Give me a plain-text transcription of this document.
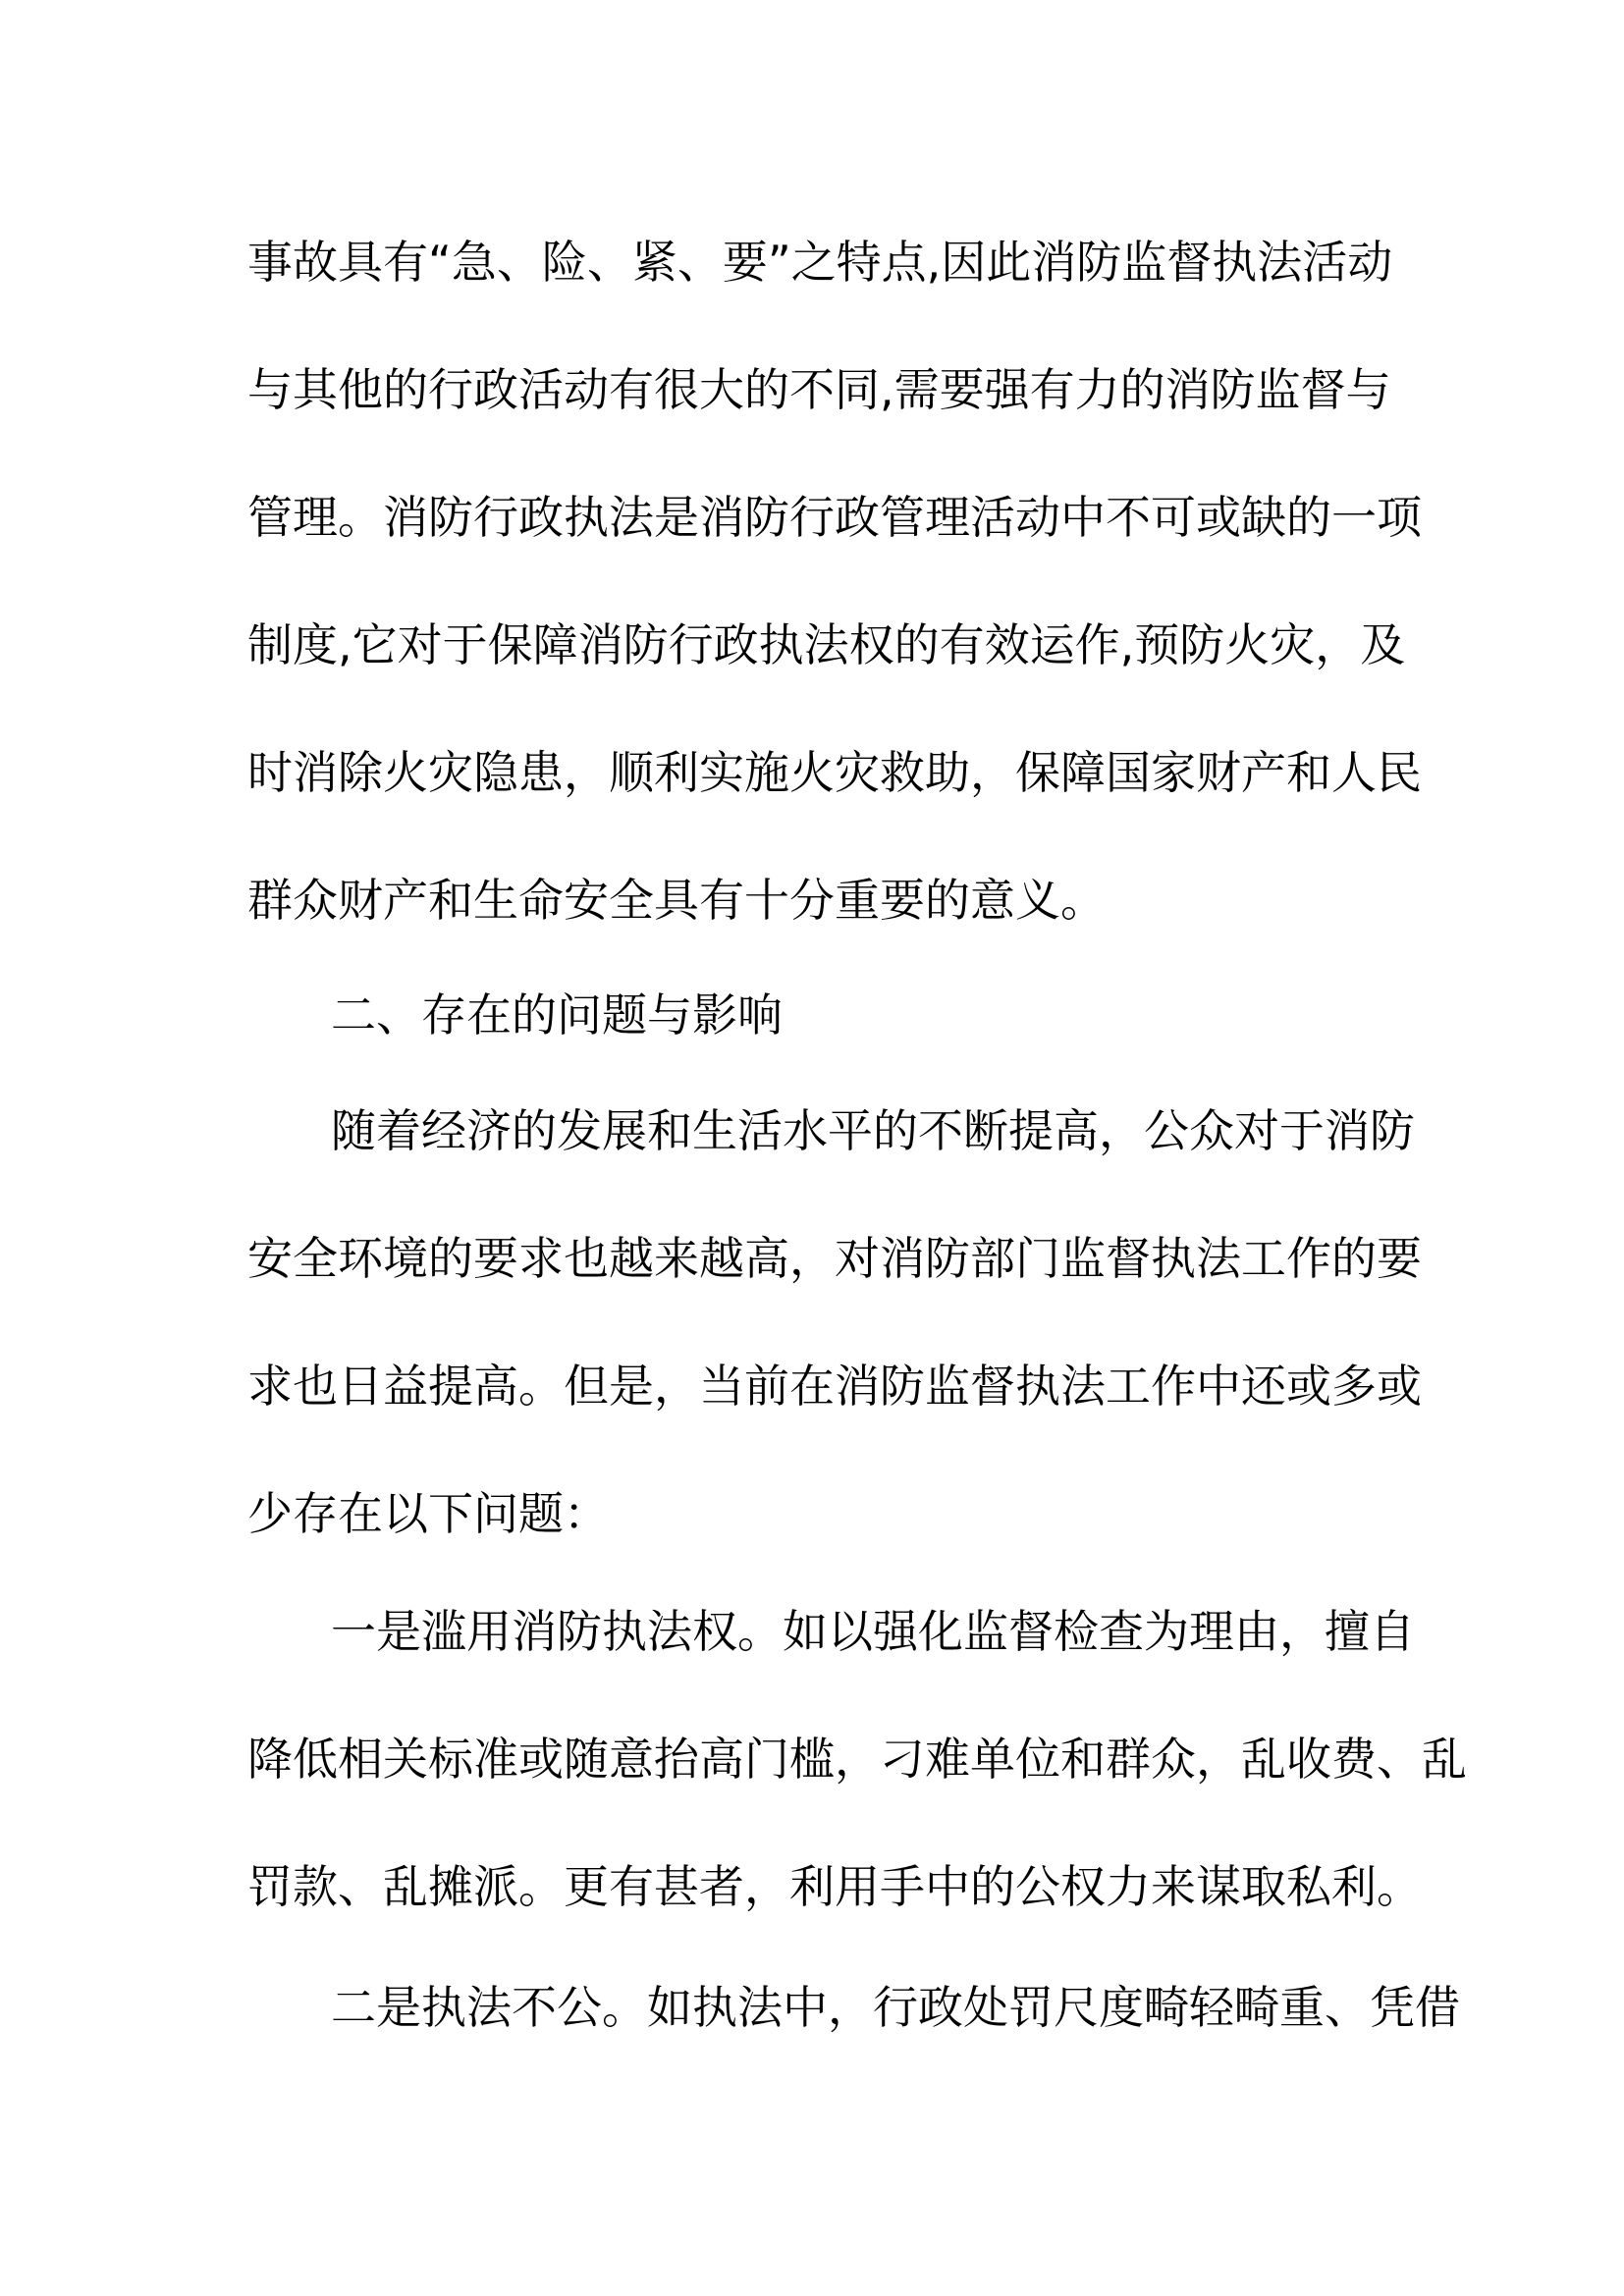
事故具有“急、险、紧、要”之特点,因此消防监督执法活动
与其他的行政活动有很大的不同,需要强有力的消防监督与
管理。消防行政执法是消防行政管理活动中不可或缺的一项
制度,它对于保障消防行政执法权的有效运作,预防火灾，及
时消除火灾隐患，顺利实施火灾救助，保障国家财产和人民
群众财产和生命安全具有十分重要的意义。
二、存在的问题与影响
随着经济的发展和生活水平的不断提高，公众对于消防
安全环境的要求也越来越高，对消防部门监督执法工作的要
求也日益提高。但是，当前在消防监督执法工作中还或多或
少存在以下问题：
一是滥用消防执法权。如以强化监督检查为理由，擅自
降低相关标准或随意抬高门槛，刁难单位和群众，乱收费、乱
罚款、乱摊派。更有甚者，利用手中的公权力来谋取私利。
二是执法不公。如执法中，行政处罚尺度畸轻畸重、凭借
